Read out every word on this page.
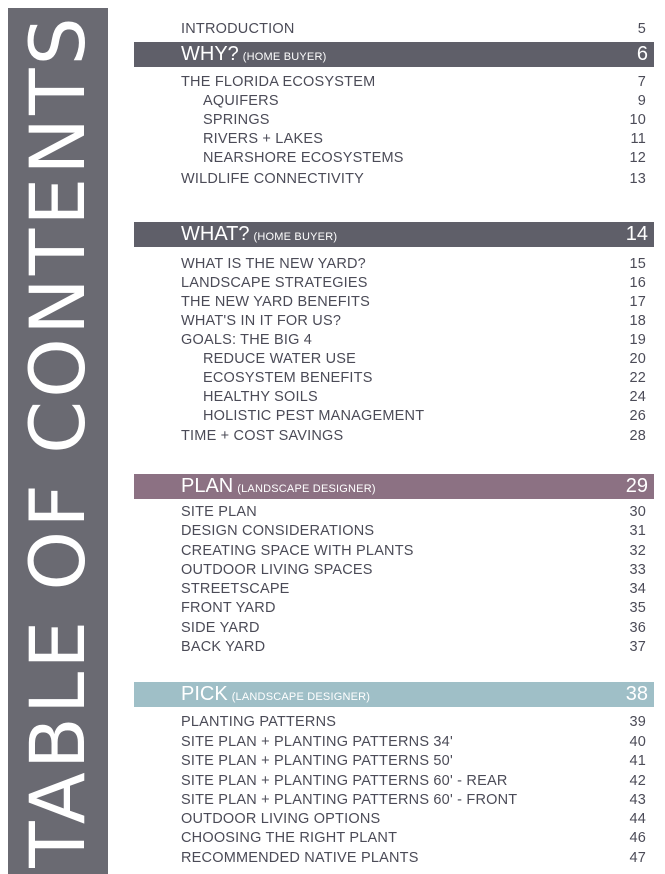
TABLE OF CONTENTS	INTRODUCTION	5
WHY? (HOME BUYER)	6
THE FLORIDA ECOSYSTEM	7
AQUIFERS	9
SPRINGS	10
RIVERS + LAKES	11
NEARSHORE ECOSYSTEMS	12
WILDLIFE CONNECTIVITY	13
WHAT? (HOME BUYER)	14
WHAT IS THE NEW YARD?	15
LANDSCAPE STRATEGIES	16
THE NEW YARD BENEFITS	17
WHAT'S IN IT FOR US?	18
GOALS: THE BIG 4	19
REDUCE WATER USE	20
ECOSYSTEM BENEFITS	22
HEALTHY SOILS	24
HOLISTIC PEST MANAGEMENT	26
TIME + COST SAVINGS	28
PLAN (LANDSCAPE DESIGNER)	29
SITE PLAN	30
DESIGN CONSIDERATIONS	31
CREATING SPACE WITH PLANTS	32
OUTDOOR LIVING SPACES	33
STREETSCAPE	34
FRONT YARD	35
SIDE YARD	36
BACK YARD	37
PICK (LANDSCAPE DESIGNER)	38
PLANTING PATTERNS	39
SITE PLAN + PLANTING PATTERNS 34'	40
SITE PLAN + PLANTING PATTERNS 50'	41
SITE PLAN + PLANTING PATTERNS 60' - REAR	42
SITE PLAN + PLANTING PATTERNS 60' - FRONT	43
OUTDOOR LIVING OPTIONS	44
CHOOSING THE RIGHT PLANT	46
RECOMMENDED NATIVE PLANTS	47
